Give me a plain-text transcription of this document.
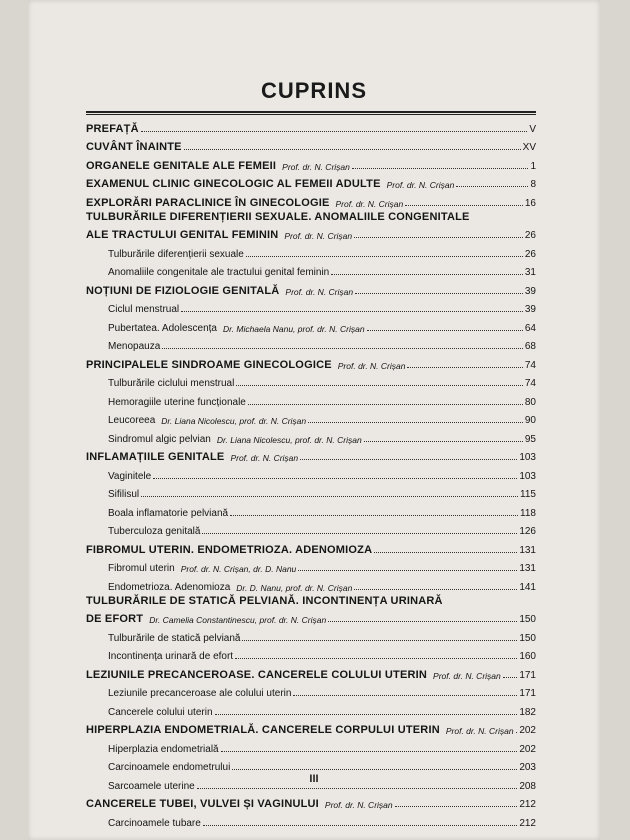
CUPRINS
PREFAȚĂ	V
CUVÂNT ÎNAINTE	XV
ORGANELE GENITALE ALE FEMEII Prof. dr. N. Crișan	1
EXAMENUL CLINIC GINECOLOGIC AL FEMEII ADULTE Prof. dr. N. Crișan	8
EXPLORĂRI PARACLINICE ÎN GINECOLOGIE Prof. dr. N. Crișan	16
TULBURĂRILE DIFERENȚIERII SEXUALE. ANOMALIILE CONGENITALE
ALE TRACTULUI GENITAL FEMININ Prof. dr. N. Crișan	26
Tulburările diferențierii sexuale	26
Anomaliile congenitale ale tractului genital feminin	31
NOȚIUNI DE FIZIOLOGIE GENITALĂ Prof. dr. N. Crișan	39
Ciclul menstrual	39
Pubertatea. Adolescența Dr. Michaela Nanu, prof. dr. N. Crișan	64
Menopauza	68
PRINCIPALELE SINDROAME GINECOLOGICE Prof. dr. N. Crișan	74
Tulburările ciclului menstrual	74
Hemoragiile uterine funcționale	80
Leucoreea Dr. Liana Nicolescu, prof. dr. N. Crișan	90
Sindromul algic pelvian Dr. Liana Nicolescu, prof. dr. N. Crișan	95
INFLAMAȚIILE GENITALE Prof. dr. N. Crișan	103
Vaginitele	103
Sifilisul	115
Boala inflamatorie pelviană	118
Tuberculoza genitală	126
FIBROMUL UTERIN. ENDOMETRIOZA. ADENOMIOZA	131
Fibromul uterin Prof. dr. N. Crișan, dr. D. Nanu	131
Endometrioza. Adenomioza Dr. D. Nanu, prof. dr. N. Crișan	141
TULBURĂRILE DE STATICĂ PELVIANĂ. INCONTINENȚA URINARĂ
DE EFORT Dr. Camelia Constantinescu, prof. dr. N. Crișan	150
Tulburările de statică pelviană	150
Incontinența urinară de efort	160
LEZIUNILE PRECANCEROASE. CANCERELE COLULUI UTERIN Prof. dr. N. Crișan 171
Leziunile precanceroase ale colului uterin	171
Cancerele colului uterin	182
HIPERPLAZIA ENDOMETRIALĂ. CANCERELE CORPULUI UTERIN Prof. dr. N. Crișan 202
Hiperplazia endometrială	202
Carcinoamele endometrului	203
Sarcoamele uterine	208
CANCERELE TUBEI, VULVEI ȘI VAGINULUI Prof. dr. N. Crișan	212
Carcinoamele tubare	212
III
